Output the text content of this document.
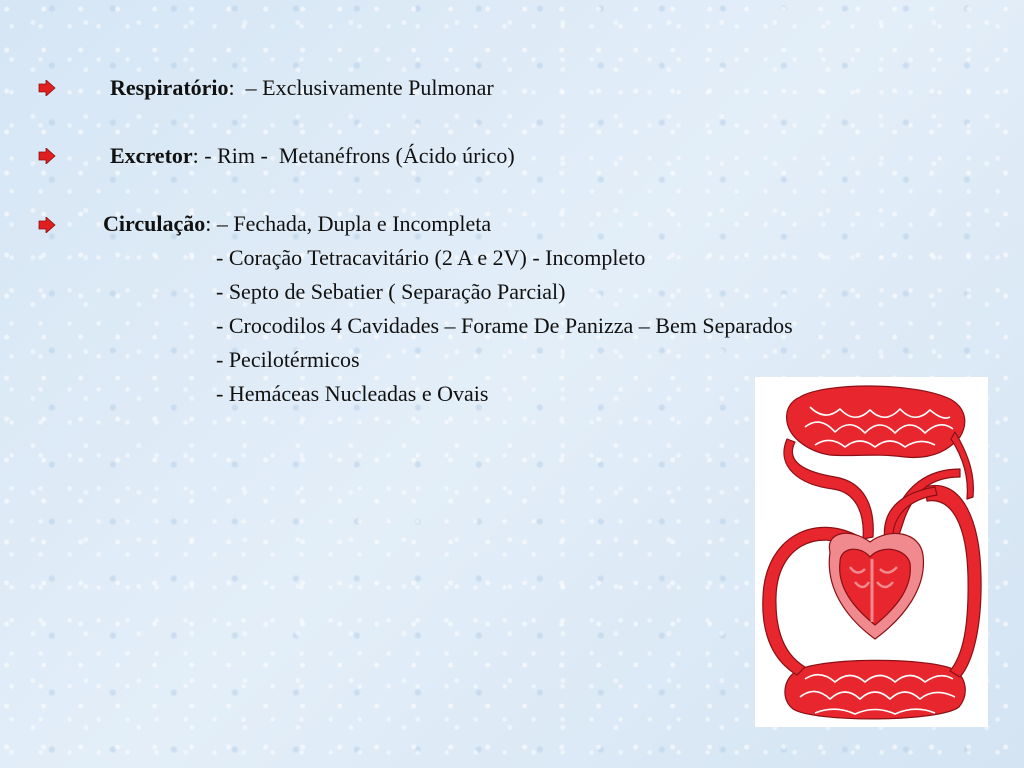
Respiratório:  – Exclusivamente Pulmonar
Excretor: - Rim -  Metanéfrons (Ácido úrico)
Circulação: – Fechada, Dupla e Incompleta
- Coração Tetracavitário (2 A e 2V) - Incompleto
- Septo de Sebatier ( Separação Parcial)
- Crocodilos 4 Cavidades – Forame De Panizza – Bem Separados
- Pecilotérmicos
- Hemáceas Nucleadas e Ovais
